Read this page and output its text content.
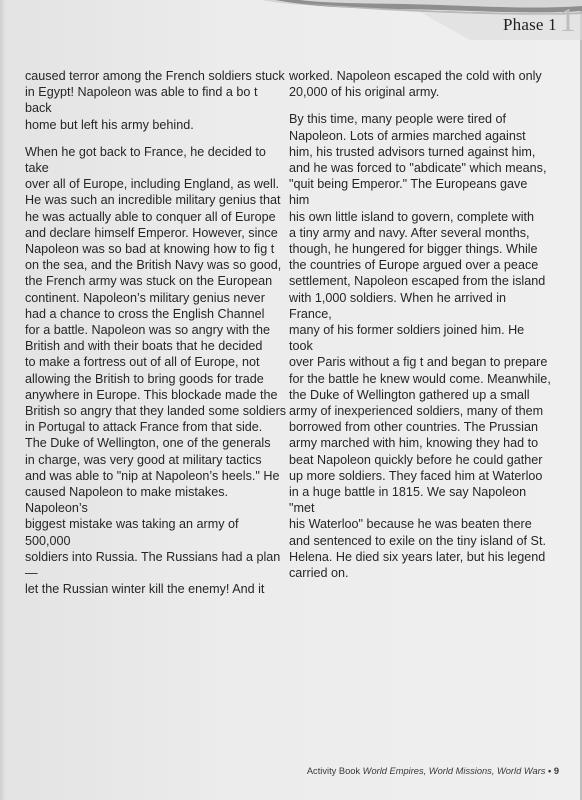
Phase 1 1

caused terror among the French soldiers stuck
in Egypt! Napoleon was able to find a bo t back
home but left his army behind.

When he got back to France, he decided to take
over all of Europe, including England, as well.
He was such an incredible military genius that
he was actually able to conquer all of Europe
and declare himself Emperor. However, since
Napoleon was so bad at knowing how to fig t
on the sea, and the British Navy was so good,
the French army was stuck on the European
continent. Napoleon’s military genius never
had a chance to cross the English Channel
for a battle. Napoleon was so angry with the
British and with their boats that he decided
to make a fortress out of all of Europe, not
allowing the British to bring goods for trade
anywhere in Europe. This blockade made the
British so angry that they landed some soldiers
in Portugal to attack France from that side.
The Duke of Wellington, one of the generals
in charge, was very good at military tactics
and was able to "nip at Napoleon’s heels." He
caused Napoleon to make mistakes. Napoleon’s
biggest mistake was taking an army of 500,000
soldiers into Russia. The Russians had a plan—
let the Russian winter kill the enemy! And it

worked. Napoleon escaped the cold with only
20,000 of his original army.

By this time, many people were tired of
Napoleon. Lots of armies marched against
him, his trusted advisors turned against him,
and he was forced to "abdicate" which means,
"quit being Emperor." The Europeans gave him
his own little island to govern, complete with
a tiny army and navy. After several months,
though, he hungered for bigger things. While
the countries of Europe argued over a peace
settlement, Napoleon escaped from the island
with 1,000 soldiers. When he arrived in France,
many of his former soldiers joined him. He took
over Paris without a fig t and began to prepare
for the battle he knew would come. Meanwhile,
the Duke of Wellington gathered up a small
army of inexperienced soldiers, many of them
borrowed from other countries. The Prussian
army marched with him, knowing they had to
beat Napoleon quickly before he could gather
up more soldiers. They faced him at Waterloo
in a huge battle in 1815. We say Napoleon "met
his Waterloo" because he was beaten there
and sentenced to exile on the tiny island of St.
Helena. He died six years later, but his legend
carried on.

Activity Book World Empires, World Missions, World Wars • 9
